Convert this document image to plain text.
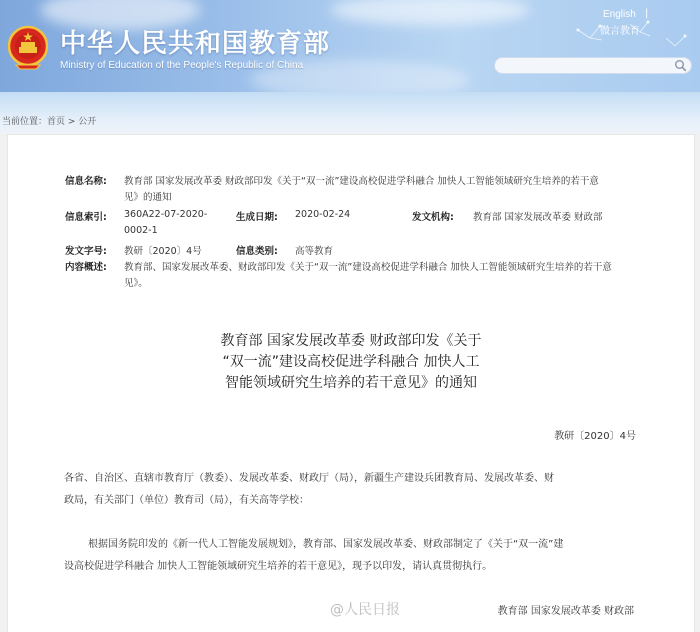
中华人民共和国教育部
Ministry of Education of the People's Republic of China
English |
微言教育
当前位置：首页 > 公开
信息名称: 教育部 国家发展改革委 财政部印发《关于“双一流”建设高校促进学科融合 加快人工智能领域研究生培养的若干意
见》的通知
信息索引: 360A22-07-2020-
0002-1
生成日期: 2020-02-24	发文机构: 教育部 国家发展改革委 财政部
发文字号: 教研〔2020〕4号	信息类别: 高等教育
内容概述: 教育部、国家发展改革委、财政部印发《关于“双一流”建设高校促进学科融合 加快人工智能领域研究生培养的若干意
见》。
教育部 国家发展改革委 财政部印发《关于
“双一流”建设高校促进学科融合 加快人工
智能领域研究生培养的若干意见》的通知
教研〔2020〕4号
各省、自治区、直辖市教育厅（教委）、发展改革委、财政厅（局），新疆生产建设兵团教育局、发展改革委、财
政局，有关部门（单位）教育司（局），有关高等学校：
根据国务院印发的《新一代人工智能发展规划》，教育部、国家发展改革委、财政部制定了《关于“双一流”建
设高校促进学科融合 加快人工智能领域研究生培养的若干意见》，现予以印发，请认真贯彻执行。
@人民日报	教育部 国家发展改革委 财政部
